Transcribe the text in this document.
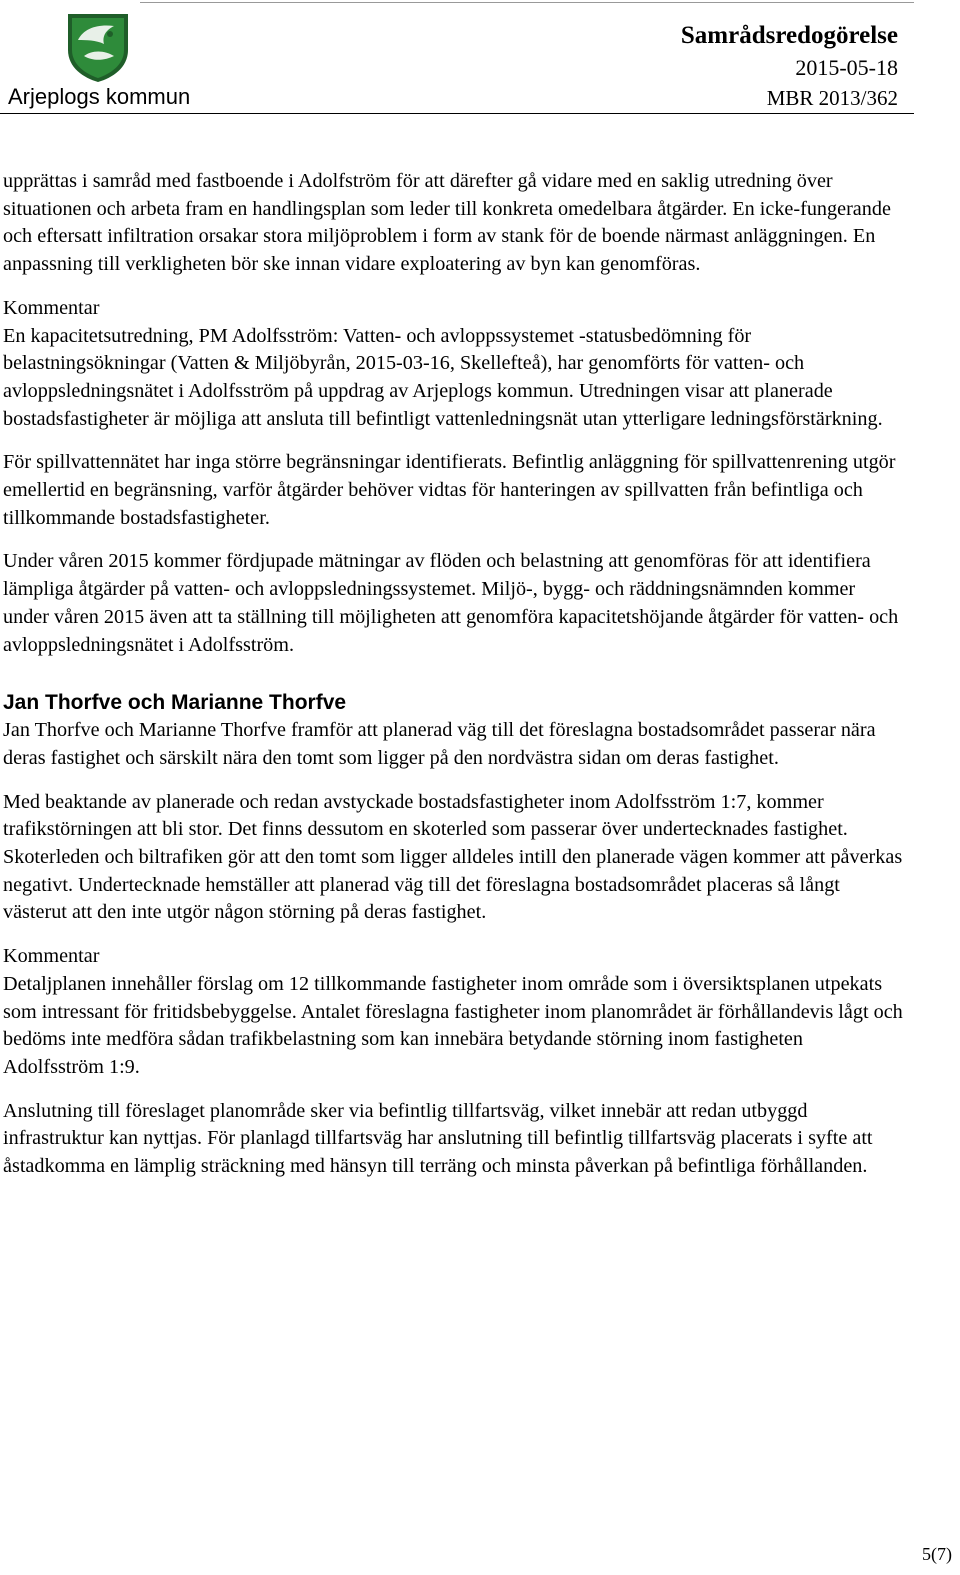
Arjeplogs kommun
Samrådsredogörelse
2015-05-18
MBR 2013/362

upprättas i samråd med fastboende i Adolfström för att därefter gå vidare med en saklig utredning över situationen och arbeta fram en handlingsplan som leder till konkreta omedelbara åtgärder. En icke-fungerande och eftersatt infiltration orsakar stora miljöproblem i form av stank för de boende närmast anläggningen. En anpassning till verkligheten bör ske innan vidare exploatering av byn kan genomföras.

Kommentar

En kapacitetsutredning, PM Adolfsström: Vatten- och avloppssystemet -statusbedömning för belastningsökningar (Vatten & Miljöbyrån, 2015-03-16, Skellefteå), har genomförts för vatten- och avloppsledningsnätet i Adolfsström på uppdrag av Arjeplogs kommun. Utredningen visar att planerade bostadsfastigheter är möjliga att ansluta till befintligt vattenledningsnät utan ytterligare ledningsförstärkning.

För spillvattennätet har inga större begränsningar identifierats. Befintlig anläggning för spillvattenrening utgör emellertid en begränsning, varför åtgärder behöver vidtas för hanteringen av spillvatten från befintliga och tillkommande bostadsfastigheter.

Under våren 2015 kommer fördjupade mätningar av flöden och belastning att genomföras för att identifiera lämpliga åtgärder på vatten- och avloppsledningssystemet. Miljö-, bygg- och räddningsnämnden kommer under våren 2015 även att ta ställning till möjligheten att genomföra kapacitetshöjande åtgärder för vatten- och avloppsledningsnätet i Adolfsström.

Jan Thorfve och Marianne Thorfve

Jan Thorfve och Marianne Thorfve framför att planerad väg till det föreslagna bostadsområdet passerar nära deras fastighet och särskilt nära den tomt som ligger på den nordvästra sidan om deras fastighet.

Med beaktande av planerade och redan avstyckade bostadsfastigheter inom Adolfsström 1:7, kommer trafikstörningen att bli stor. Det finns dessutom en skoterled som passerar över undertecknades fastighet. Skoterleden och biltrafiken gör att den tomt som ligger alldeles intill den planerade vägen kommer att påverkas negativt. Undertecknade hemställer att planerad väg till det föreslagna bostadsområdet placeras så långt västerut att den inte utgör någon störning på deras fastighet.

Kommentar

Detaljplanen innehåller förslag om 12 tillkommande fastigheter inom område som i översiktsplanen utpekats som intressant för fritidsbebyggelse. Antalet föreslagna fastigheter inom planområdet är förhållandevis lågt och bedöms inte medföra sådan trafikbelastning som kan innebära betydande störning inom fastigheten Adolfsström 1:9.

Anslutning till föreslaget planområde sker via befintlig tillfartsväg, vilket innebär att redan utbyggd infrastruktur kan nyttjas. För planlagd tillfartsväg har anslutning till befintlig tillfartsväg placerats i syfte att åstadkomma en lämplig sträckning med hänsyn till terräng och minsta påverkan på befintliga förhållanden.

5(7)
